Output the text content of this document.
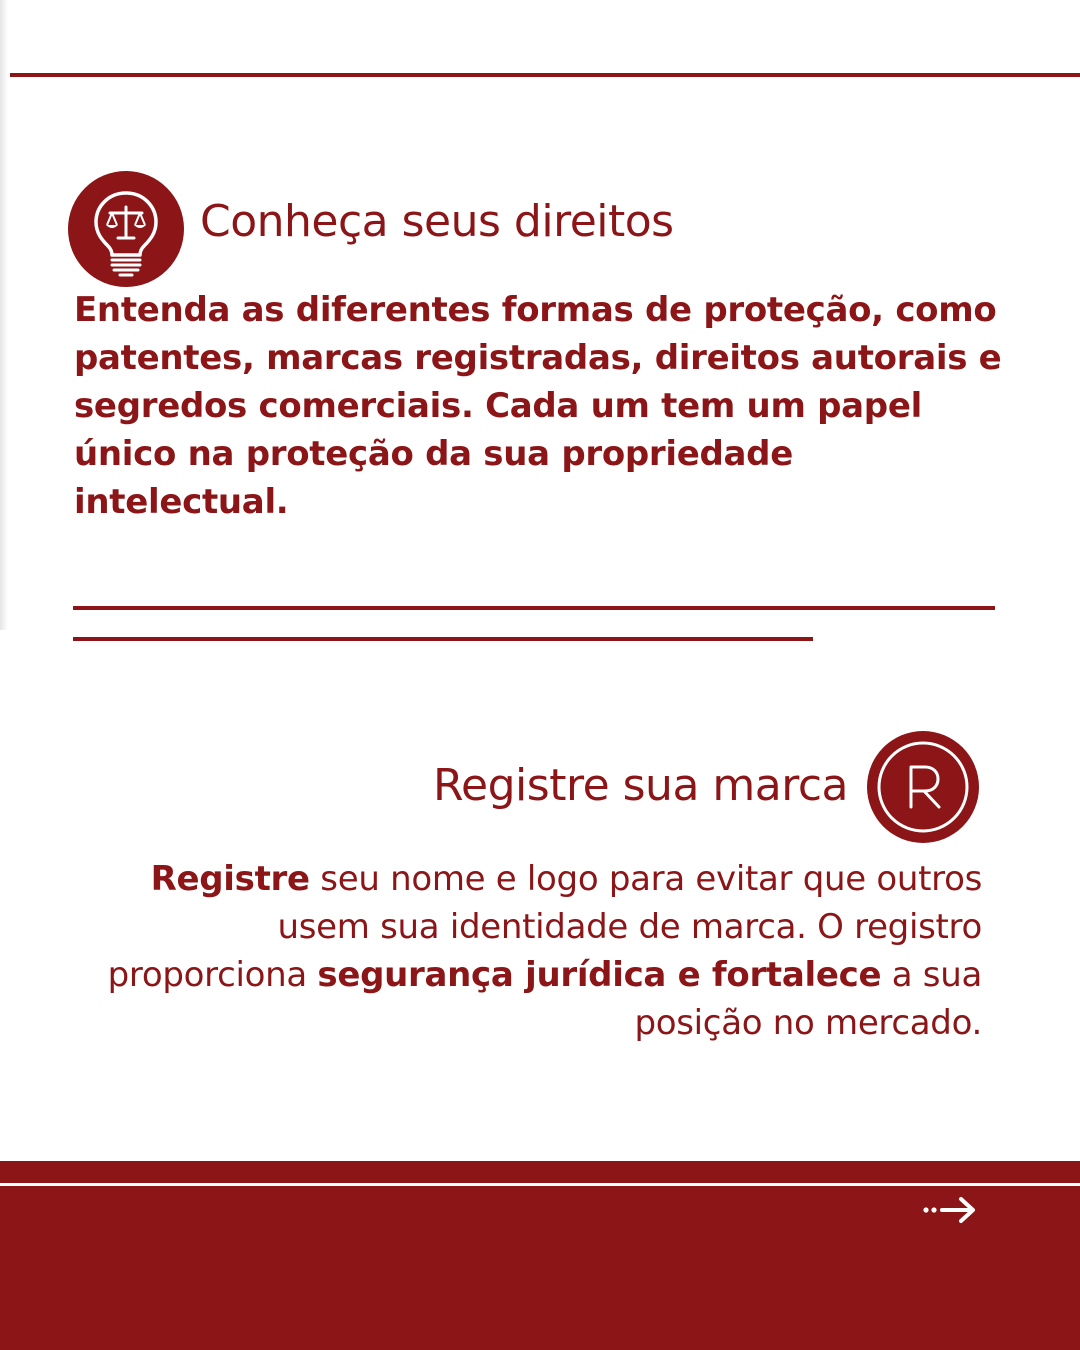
Conheça seus direitos
Entenda as diferentes formas de proteção, como patentes, marcas registradas, direitos autorais e segredos comerciais. Cada um tem um papel único na proteção da sua propriedade intelectual.
Registre sua marca
Registre seu nome e logo para evitar que outros usem sua identidade de marca. O registro proporciona segurança jurídica e fortalece a sua posição no mercado.
